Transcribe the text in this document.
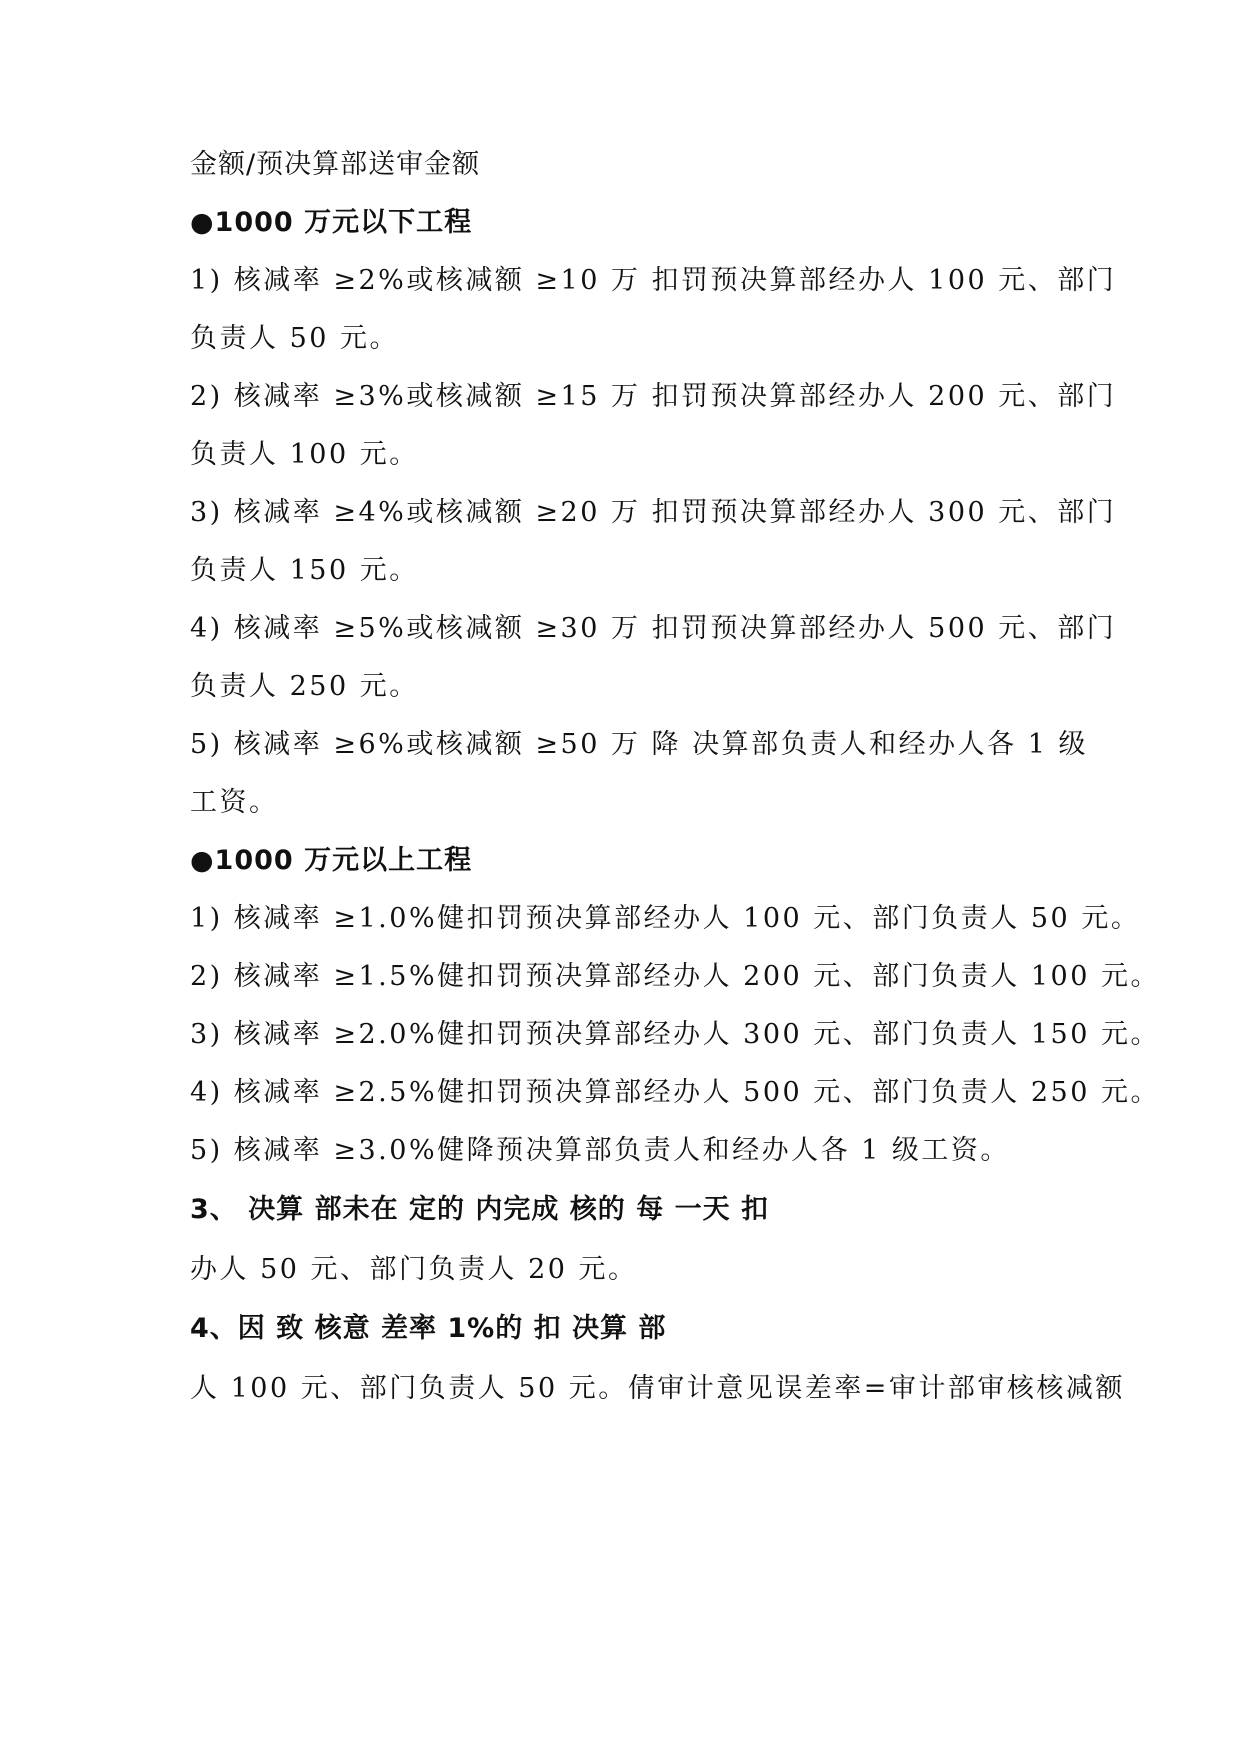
金额/预决算部送审金额
●1000 万元以下工程
1) 核减率 ≥2%或核减额 ≥10 万 扣罚预决算部经办人 100 元、部门
负责人 50 元。
2) 核减率 ≥3%或核减额 ≥15 万 扣罚预决算部经办人 200 元、部门
负责人 100 元。
3) 核减率 ≥4%或核减额 ≥20 万 扣罚预决算部经办人 300 元、部门
负责人 150 元。
4) 核减率 ≥5%或核减额 ≥30 万 扣罚预决算部经办人 500 元、部门
负责人 250 元。
5) 核减率 ≥6%或核减额 ≥50 万 降 决算部负责人和经办人各 1 级
工资。
●1000 万元以上工程
1) 核减率 ≥1.0%健扣罚预决算部经办人 100 元、部门负责人 50 元。
2) 核减率 ≥1.5%健扣罚预决算部经办人 200 元、部门负责人 100 元。
3) 核减率 ≥2.0%健扣罚预决算部经办人 300 元、部门负责人 150 元。
4) 核减率 ≥2.5%健扣罚预决算部经办人 500 元、部门负责人 250 元。
5) 核减率 ≥3.0%健降预决算部负责人和经办人各 1 级工资。
3、 决算 部未在 定的 内完成 核的 每 一天 扣
办人 50 元、部门负责人 20 元。
4、因 致 核意 差率 1%的 扣 决算 部
人 100 元、部门负责人 50 元。倩审计意见误差率=审计部审核核减额
